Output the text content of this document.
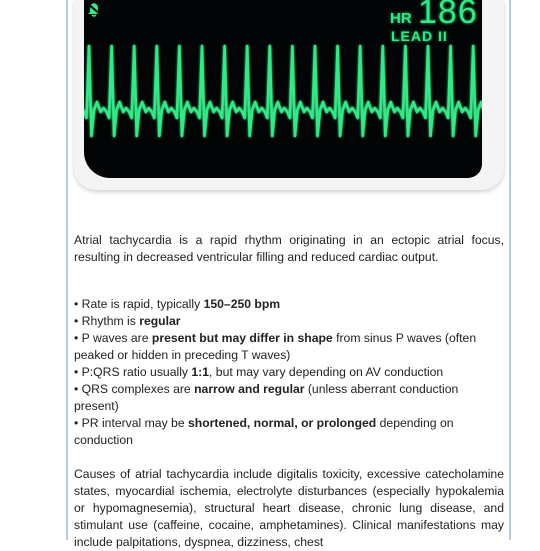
HR 186
LEAD II

Atrial tachycardia is a rapid rhythm originating in an ectopic atrial focus, resulting in decreased ventricular filling and reduced cardiac output.

• Rate is rapid, typically 150–250 bpm
• Rhythm is regular
• P waves are present but may differ in shape from sinus P waves (often peaked or hidden in preceding T waves)
• P:QRS ratio usually 1:1, but may vary depending on AV conduction
• QRS complexes are narrow and regular (unless aberrant conduction present)
• PR interval may be shortened, normal, or prolonged depending on conduction

Causes of atrial tachycardia include digitalis toxicity, excessive catecholamine states, myocardial ischemia, electrolyte disturbances (especially hypokalemia or hypomagnesemia), structural heart disease, chronic lung disease, and stimulant use (caffeine, cocaine, amphetamines). Clinical manifestations may include palpitations, dyspnea, dizziness, chest
